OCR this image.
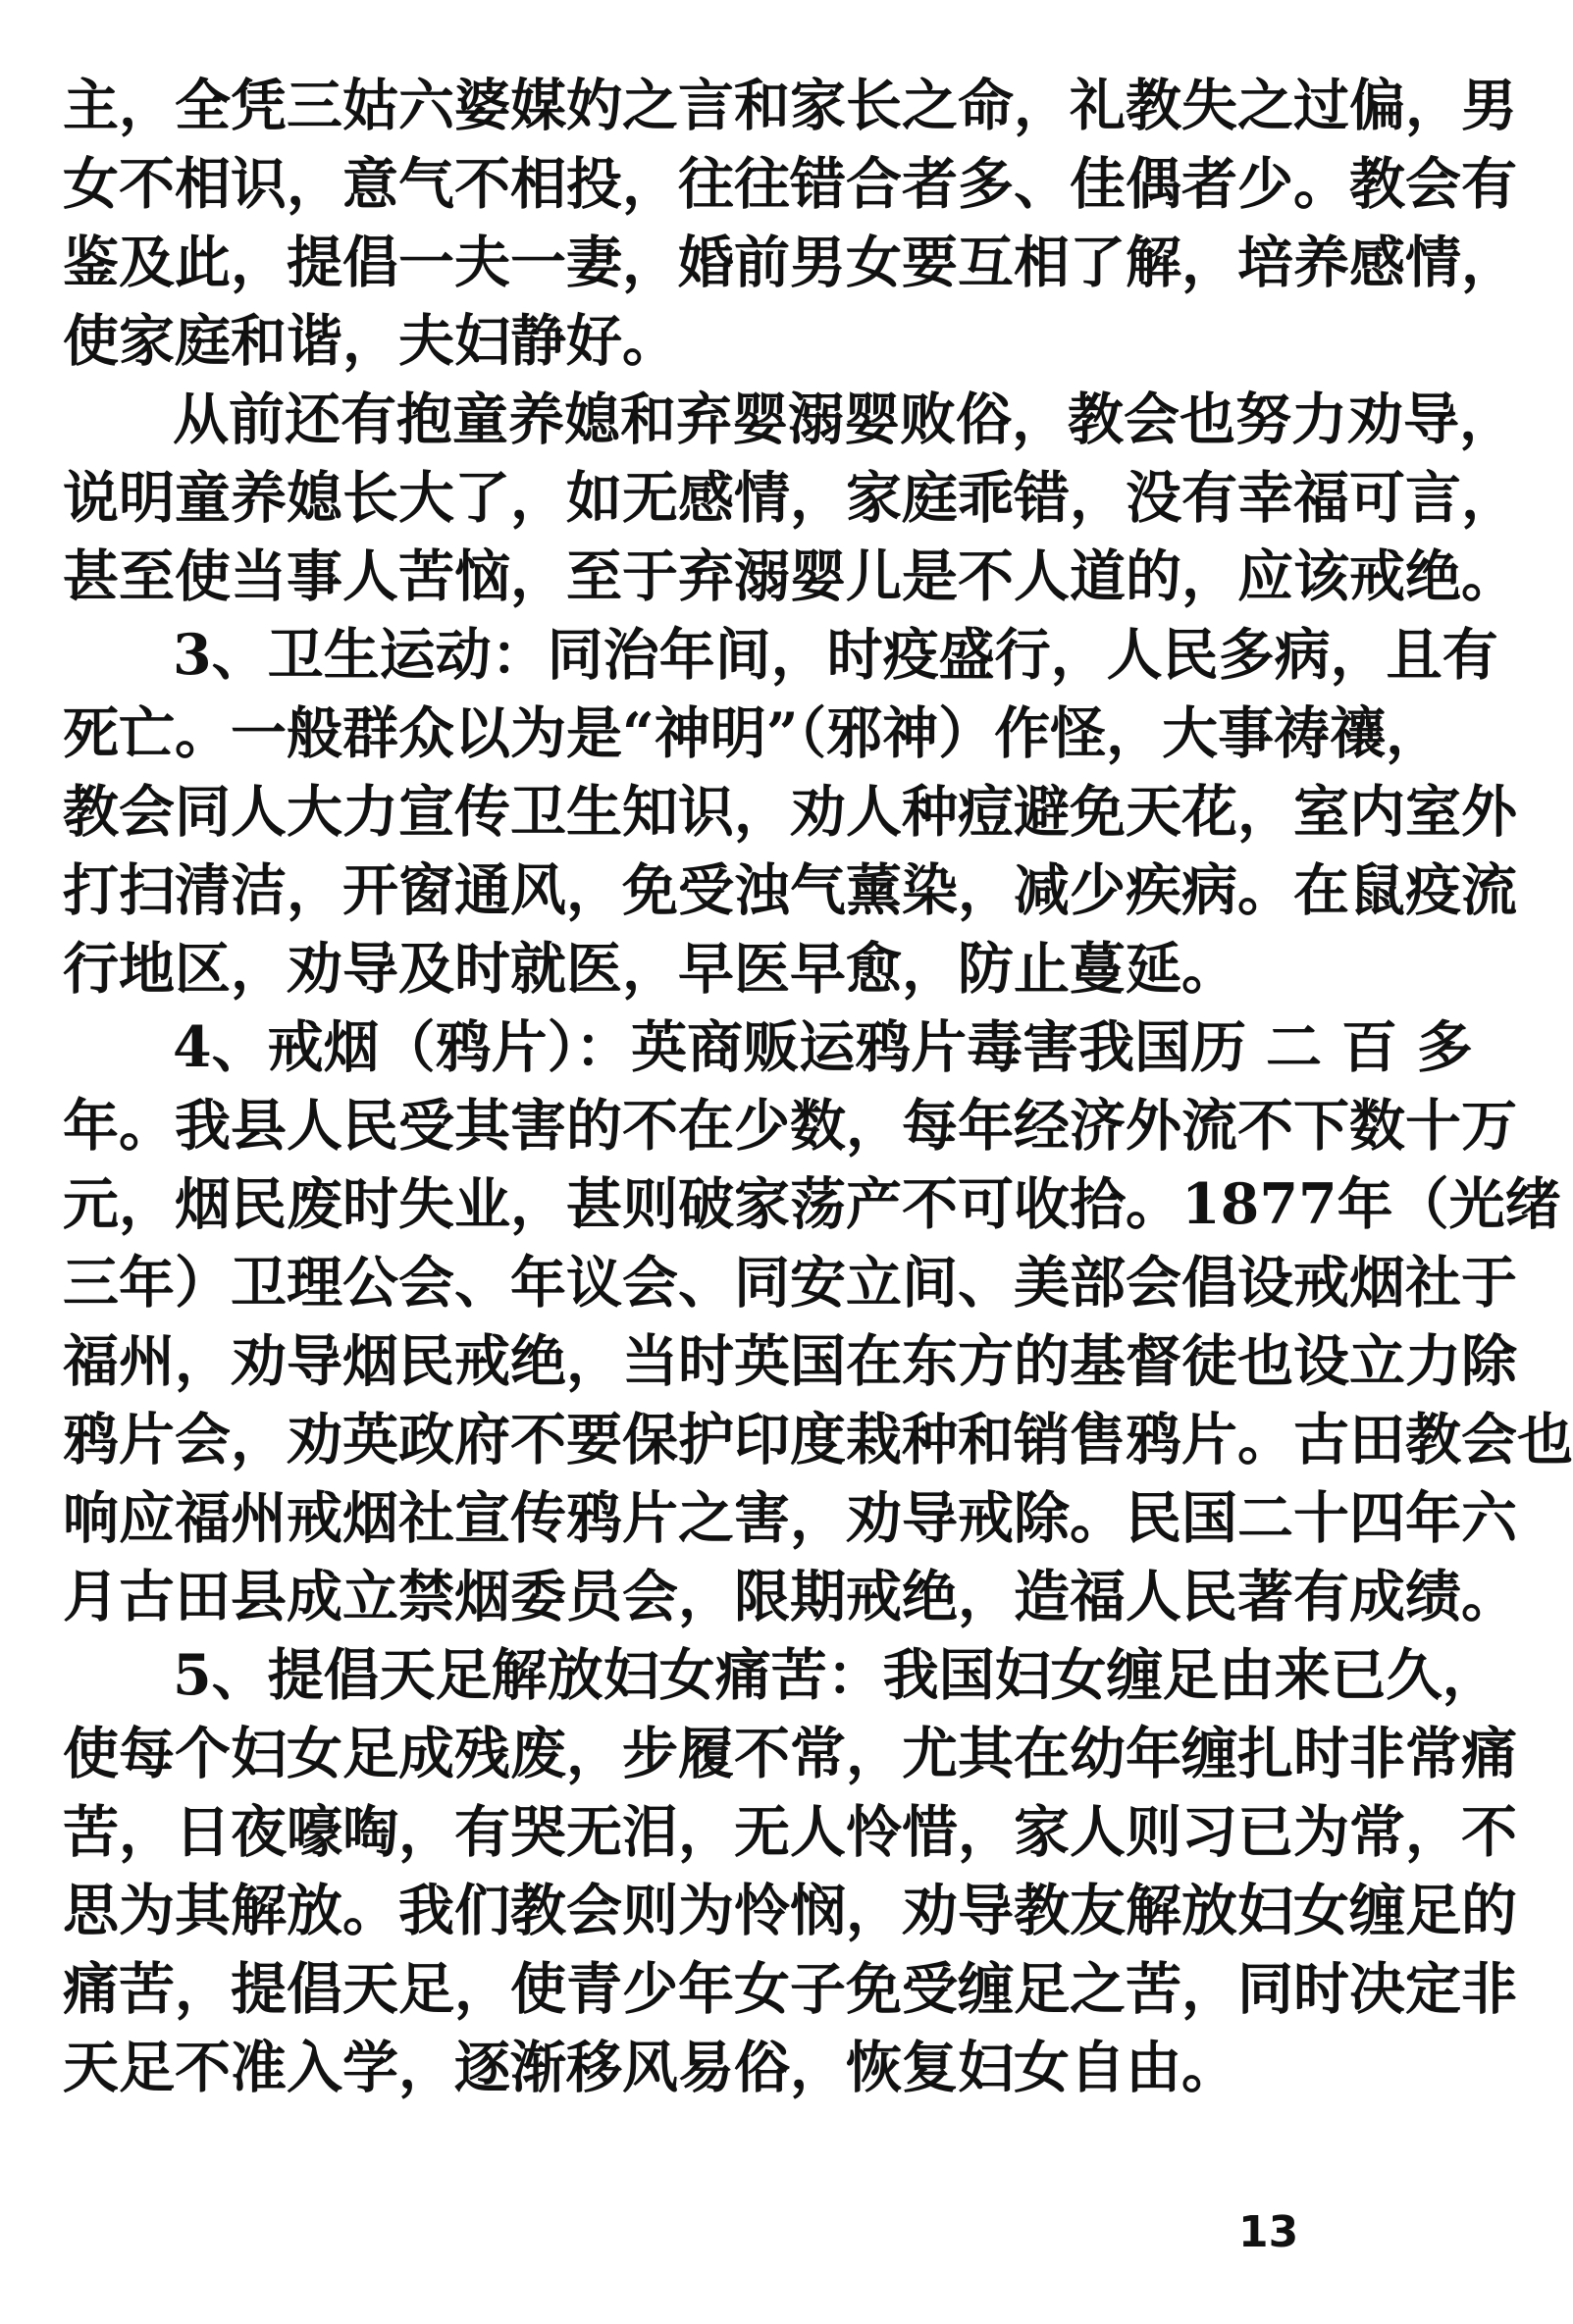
主，全凭三姑六婆媒妁之言和家长之命，礼教失之过偏，男
女不相识，意气不相投，往往错合者多、佳偶者少。教会有
鉴及此，提倡一夫一妻，婚前男女要互相了解，培养感情，
使家庭和谐，夫妇静好。
从前还有抱童养媳和弃婴溺婴败俗，教会也努力劝导，
说明童养媳长大了，如无感情，家庭乖错，没有幸福可言，
甚至使当事人苦恼，至于弃溺婴儿是不人道的，应该戒绝。
3、卫生运动：同治年间，时疫盛行，人民多病，且有
死亡。一般群众以为是“神明”（邪神）作怪，大事祷禳，
教会同人大力宣传卫生知识，劝人种痘避免天花，室内室外
打扫清洁，开窗通风，免受浊气薰染，减少疾病。在鼠疫流
行地区，劝导及时就医，早医早愈，防止蔓延。
4、戒烟（鸦片）：英商贩运鸦片毒害我国历 二 百 多
年。我县人民受其害的不在少数，每年经济外流不下数十万
元，烟民废时失业，甚则破家荡产不可收拾。1877年（光绪
三年）卫理公会、年议会、同安立间、美部会倡设戒烟社于
福州，劝导烟民戒绝，当时英国在东方的基督徒也设立力除
鸦片会，劝英政府不要保护印度栽种和销售鸦片。古田教会也
响应福州戒烟社宣传鸦片之害，劝导戒除。民国二十四年六
月古田县成立禁烟委员会，限期戒绝，造福人民著有成绩。
5、提倡天足解放妇女痛苦：我国妇女缠足由来已久，
使每个妇女足成残废，步履不常，尤其在幼年缠扎时非常痛
苦，日夜嚎啕，有哭无泪，无人怜惜，家人则习已为常，不
思为其解放。我们教会则为怜悯，劝导教友解放妇女缠足的
痛苦，提倡天足，使青少年女子免受缠足之苦，同时决定非
天足不准入学，逐渐移风易俗，恢复妇女自由。
13
